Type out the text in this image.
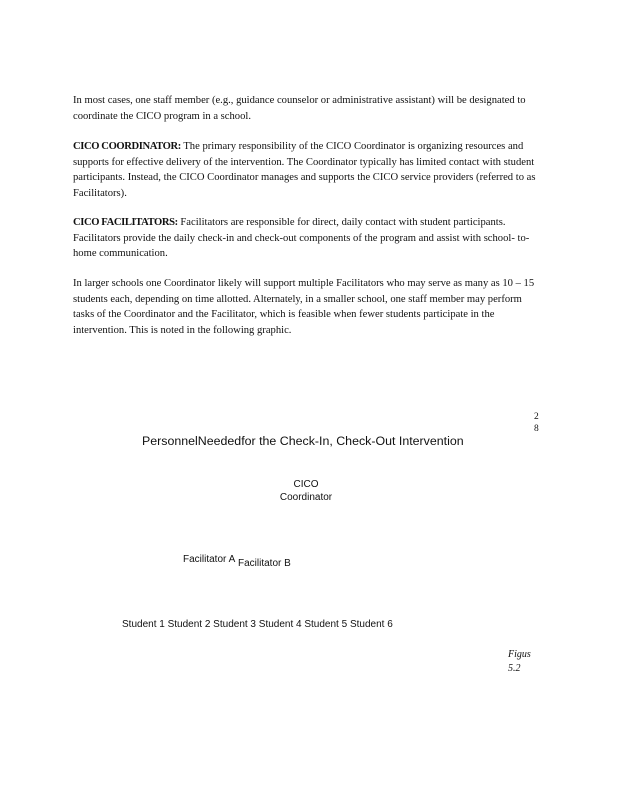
In most cases, one staff member (e.g., guidance counselor or administrative assistant) will be designated to coordinate the CICO program in a school.

CICO COORDINATOR: The primary responsibility of the CICO Coordinator is organizing resources and supports for effective delivery of the intervention. The Coordinator typically has limited contact with student participants. Instead, the CICO Coordinator manages and supports the CICO service providers (referred to as Facilitators).

CICO FACILITATORS: Facilitators are responsible for direct, daily contact with student participants. Facilitators provide the daily check-in and check-out components of the program and assist with school- to-home communication.

In larger schools one Coordinator likely will support multiple Facilitators who may serve as many as 10 – 15 students each, depending on time allotted. Alternately, in a smaller school, one staff member may perform tasks of the Coordinator and the Facilitator, which is feasible when fewer students participate in the intervention. This is noted in the following graphic.

2
8
PersonnelNeededfor the Check-In, Check-Out Intervention
CICO
Coordinator
Facilitator A Facilitator B
Student 1 Student 2 Student 3 Student 4 Student 5 Student 6
Figus
5.2
